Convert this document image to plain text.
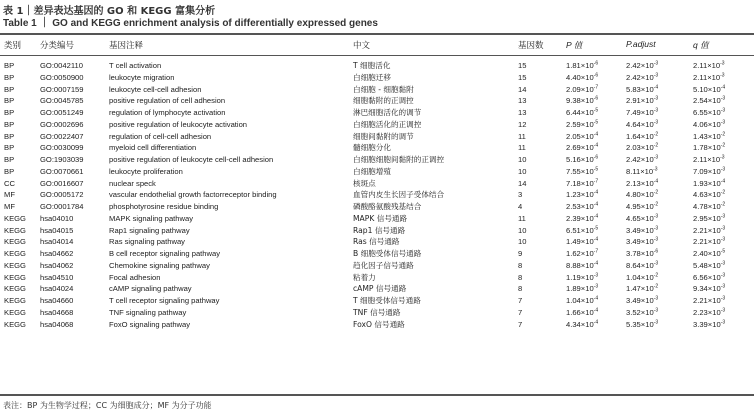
表 1｜差异表达基因的 GO 和 KEGG 富集分析
Table 1 ｜ GO and KEGG enrichment analysis of differentially expressed genes
类别 分类编号	基因注释	中文	基因数	P 值	P.adjust	q 值
BP	GO:0042110	T cell activation	T 细胞活化	15	$1.81\times 10^{-6}$	$2.42\times 10^{-3}$	$2.11\times 10^{-3}$
BP	GO:0050900	leukocyte migration	白细胞迁移	15	$4.40\times 10^{-6}$	$2.42\times 10^{-3}$	$2.11\times 10^{-3}$
BP	GO:0007159	leukocyte cell-cell adhesion	白细胞 - 细胞黏附	14	$2.09\times 10^{-7}$	$5.83\times 10^{-4}$	$5.10\times 10^{-4}$
BP	GO:0045785	positive regulation of cell adhesion	细胞黏附的正调控	13	$9.38\times 10^{-6}$	$2.91\times 10^{-3}$	$2.54\times 10^{-3}$
BP	GO:0051249	regulation of lymphocyte activation	淋巴细胞活化的调节	13	$6.44\times 10^{-5}$	$7.49\times 10^{-3}$	$6.55\times 10^{-3}$
BP	GO:0002696	positive regulation of leukocyte activation	白细胞活化的正调控	12	$2.59\times 10^{-5}$	$4.64\times 10^{-3}$	$4.06\times 10^{-3}$
BP	GO:0022407	regulation of cell-cell adhesion	细胞间黏附的调节	11	$2.05\times 10^{-4}$	$1.64\times 10^{-2}$	$1.43\times 10^{-2}$
BP	GO:0030099	myeloid cell differentiation	髓细胞分化	11	$2.69\times 10^{-4}$	$2.03\times 10^{-2}$	$1.78\times 10^{-2}$
BP	GO:1903039	positive regulation of leukocyte cell-cell adhesion	白细胞细胞间黏附的正调控	10	$5.16\times 10^{-6}$	$2.42\times 10^{-3}$	$2.11\times 10^{-3}$
BP	GO:0070661	leukocyte proliferation	白细胞增殖	10	$7.55\times 10^{-5}$	$8.11\times 10^{-3}$	$7.09\times 10^{-3}$
CC	GO:0016607	nuclear speck	核斑点	14	$7.18\times 10^{-7}$	$2.13\times 10^{-4}$	$1.93\times 10^{-4}$
MF	GO:0005172	vascular endothelial growth factorreceptor binding	血管内皮生长因子受体结合	3	$1.23\times 10^{-4}$	$4.80\times 10^{-2}$	$4.63\times 10^{-2}$
MF	GO:0001784	phosphotyrosine residue binding	磷酸酪氨酸残基结合	4	$2.53\times 10^{-4}$	$4.95\times 10^{-2}$	$4.78\times 10^{-2}$
KEGG hsa04010	MAPK signaling pathway	MAPK 信号通路	11	$2.39\times 10^{-4}$	$4.65\times 10^{-3}$	$2.95\times 10^{-3}$
KEGG hsa04015	Rap1 signaling pathway	Rap1 信号通路	10	$6.51\times 10^{-5}$	$3.49\times 10^{-3}$	$2.21\times 10^{-3}$
KEGG hsa04014	Ras signaling pathway	Ras 信号通路	10	$1.49\times 10^{-4}$	$3.49\times 10^{-3}$	$2.21\times 10^{-3}$
KEGG hsa04662	B cell receptor signaling pathway	B 细胞受体信号通路	9	$1.62\times 10^{-7}$	$3.78\times 10^{-6}$	$2.40\times 10^{-5}$
KEGG hsa04062	Chemokine signaling pathway	趋化因子信号通路	8	$8.88\times 10^{-4}$	$8.64\times 10^{-3}$	$5.48\times 10^{-3}$
KEGG hsa04510	Focal adhesion	粘着力	8	$1.19\times 10^{-3}$	$1.04\times 10^{-2}$	$6.56\times 10^{-3}$
KEGG hsa04024	cAMP signaling pathway	cAMP 信号通路	8	$1.89\times 10^{-3}$	$1.47\times 10^{-2}$	$9.34\times 10^{-3}$
KEGG hsa04660	T cell receptor signaling pathway	T 细胞受体信号通路	7	$1.04\times 10^{-4}$	$3.49\times 10^{-3}$	$2.21\times 10^{-3}$
KEGG hsa04668	TNF signaling pathway	TNF 信号通路	7	$1.66\times 10^{-4}$	$3.52\times 10^{-3}$	$2.23\times 10^{-3}$
KEGG hsa04068	FoxO signaling pathway	FoxO 信号通路	7	$4.34\times 10^{-4}$	$5.35\times 10^{-3}$	$3.39\times 10^{-3}$
表注：BP 为生物学过程；CC 为细胞成分；MF 为分子功能
